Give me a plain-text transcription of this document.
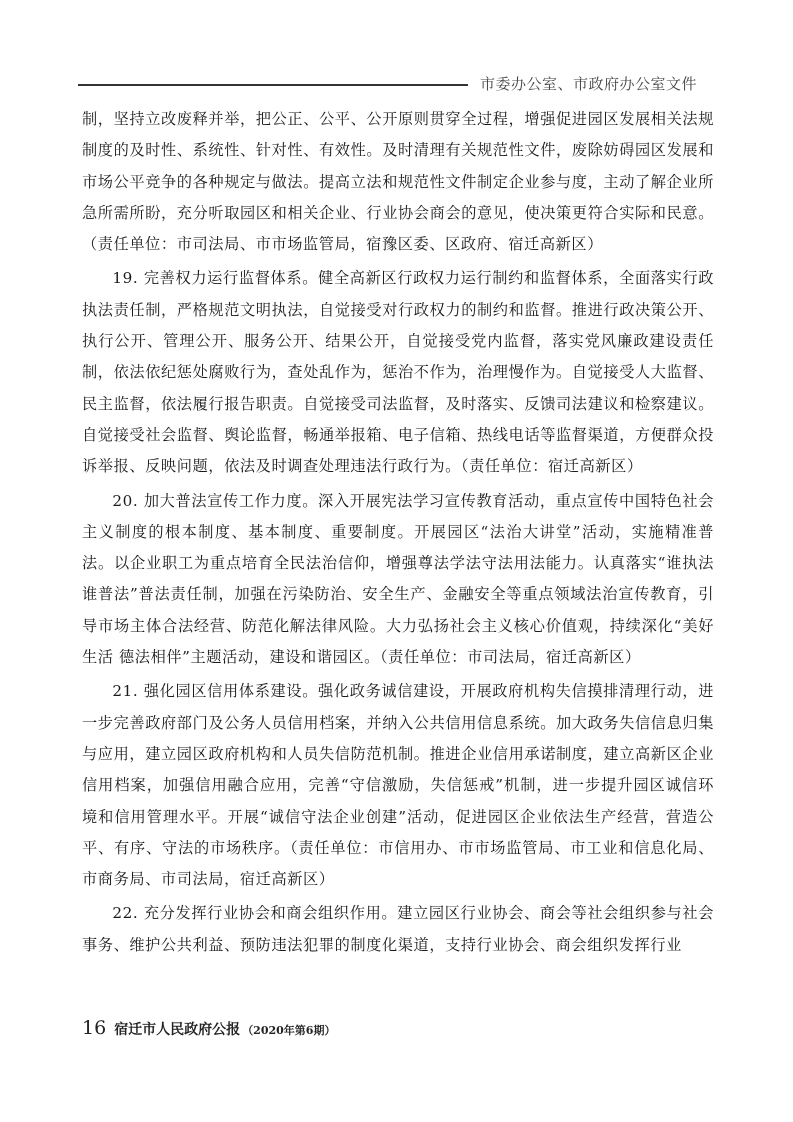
市委办公室、市政府办公室文件

制，坚持立改废释并举，把公正、公平、公开原则贯穿全过程，增强促进园区发展相关法规制度的及时性、系统性、针对性、有效性。及时清理有关规范性文件，废除妨碍园区发展和市场公平竞争的各种规定与做法。提高立法和规范性文件制定企业参与度，主动了解企业所急所需所盼，充分听取园区和相关企业、行业协会商会的意见，使决策更符合实际和民意。（责任单位：市司法局、市市场监管局，宿豫区委、区政府、宿迁高新区）

19. 完善权力运行监督体系。健全高新区行政权力运行制约和监督体系，全面落实行政执法责任制，严格规范文明执法，自觉接受对行政权力的制约和监督。推进行政决策公开、执行公开、管理公开、服务公开、结果公开，自觉接受党内监督，落实党风廉政建设责任制，依法依纪惩处腐败行为，查处乱作为，惩治不作为，治理慢作为。自觉接受人大监督、民主监督，依法履行报告职责。自觉接受司法监督，及时落实、反馈司法建议和检察建议。自觉接受社会监督、舆论监督，畅通举报箱、电子信箱、热线电话等监督渠道，方便群众投诉举报、反映问题，依法及时调查处理违法行政行为。（责任单位：宿迁高新区）

20. 加大普法宣传工作力度。深入开展宪法学习宣传教育活动，重点宣传中国特色社会主义制度的根本制度、基本制度、重要制度。开展园区“法治大讲堂”活动，实施精准普法。以企业职工为重点培育全民法治信仰，增强尊法学法守法用法能力。认真落实“谁执法谁普法”普法责任制，加强在污染防治、安全生产、金融安全等重点领域法治宣传教育，引导市场主体合法经营、防范化解法律风险。大力弘扬社会主义核心价值观，持续深化“美好生活 德法相伴”主题活动，建设和谐园区。（责任单位：市司法局，宿迁高新区）

21. 强化园区信用体系建设。强化政务诚信建设，开展政府机构失信摸排清理行动，进一步完善政府部门及公务人员信用档案，并纳入公共信用信息系统。加大政务失信信息归集与应用，建立园区政府机构和人员失信防范机制。推进企业信用承诺制度，建立高新区企业信用档案，加强信用融合应用，完善“守信激励，失信惩戒”机制，进一步提升园区诚信环境和信用管理水平。开展“诚信守法企业创建”活动，促进园区企业依法生产经营，营造公平、有序、守法的市场秩序。（责任单位：市信用办、市市场监管局、市工业和信息化局、市商务局、市司法局，宿迁高新区）

22. 充分发挥行业协会和商会组织作用。建立园区行业协会、商会等社会组织参与社会事务、维护公共利益、预防违法犯罪的制度化渠道，支持行业协会、商会组织发挥行业

16 宿迁市人民政府公报 （2020年第6期）
